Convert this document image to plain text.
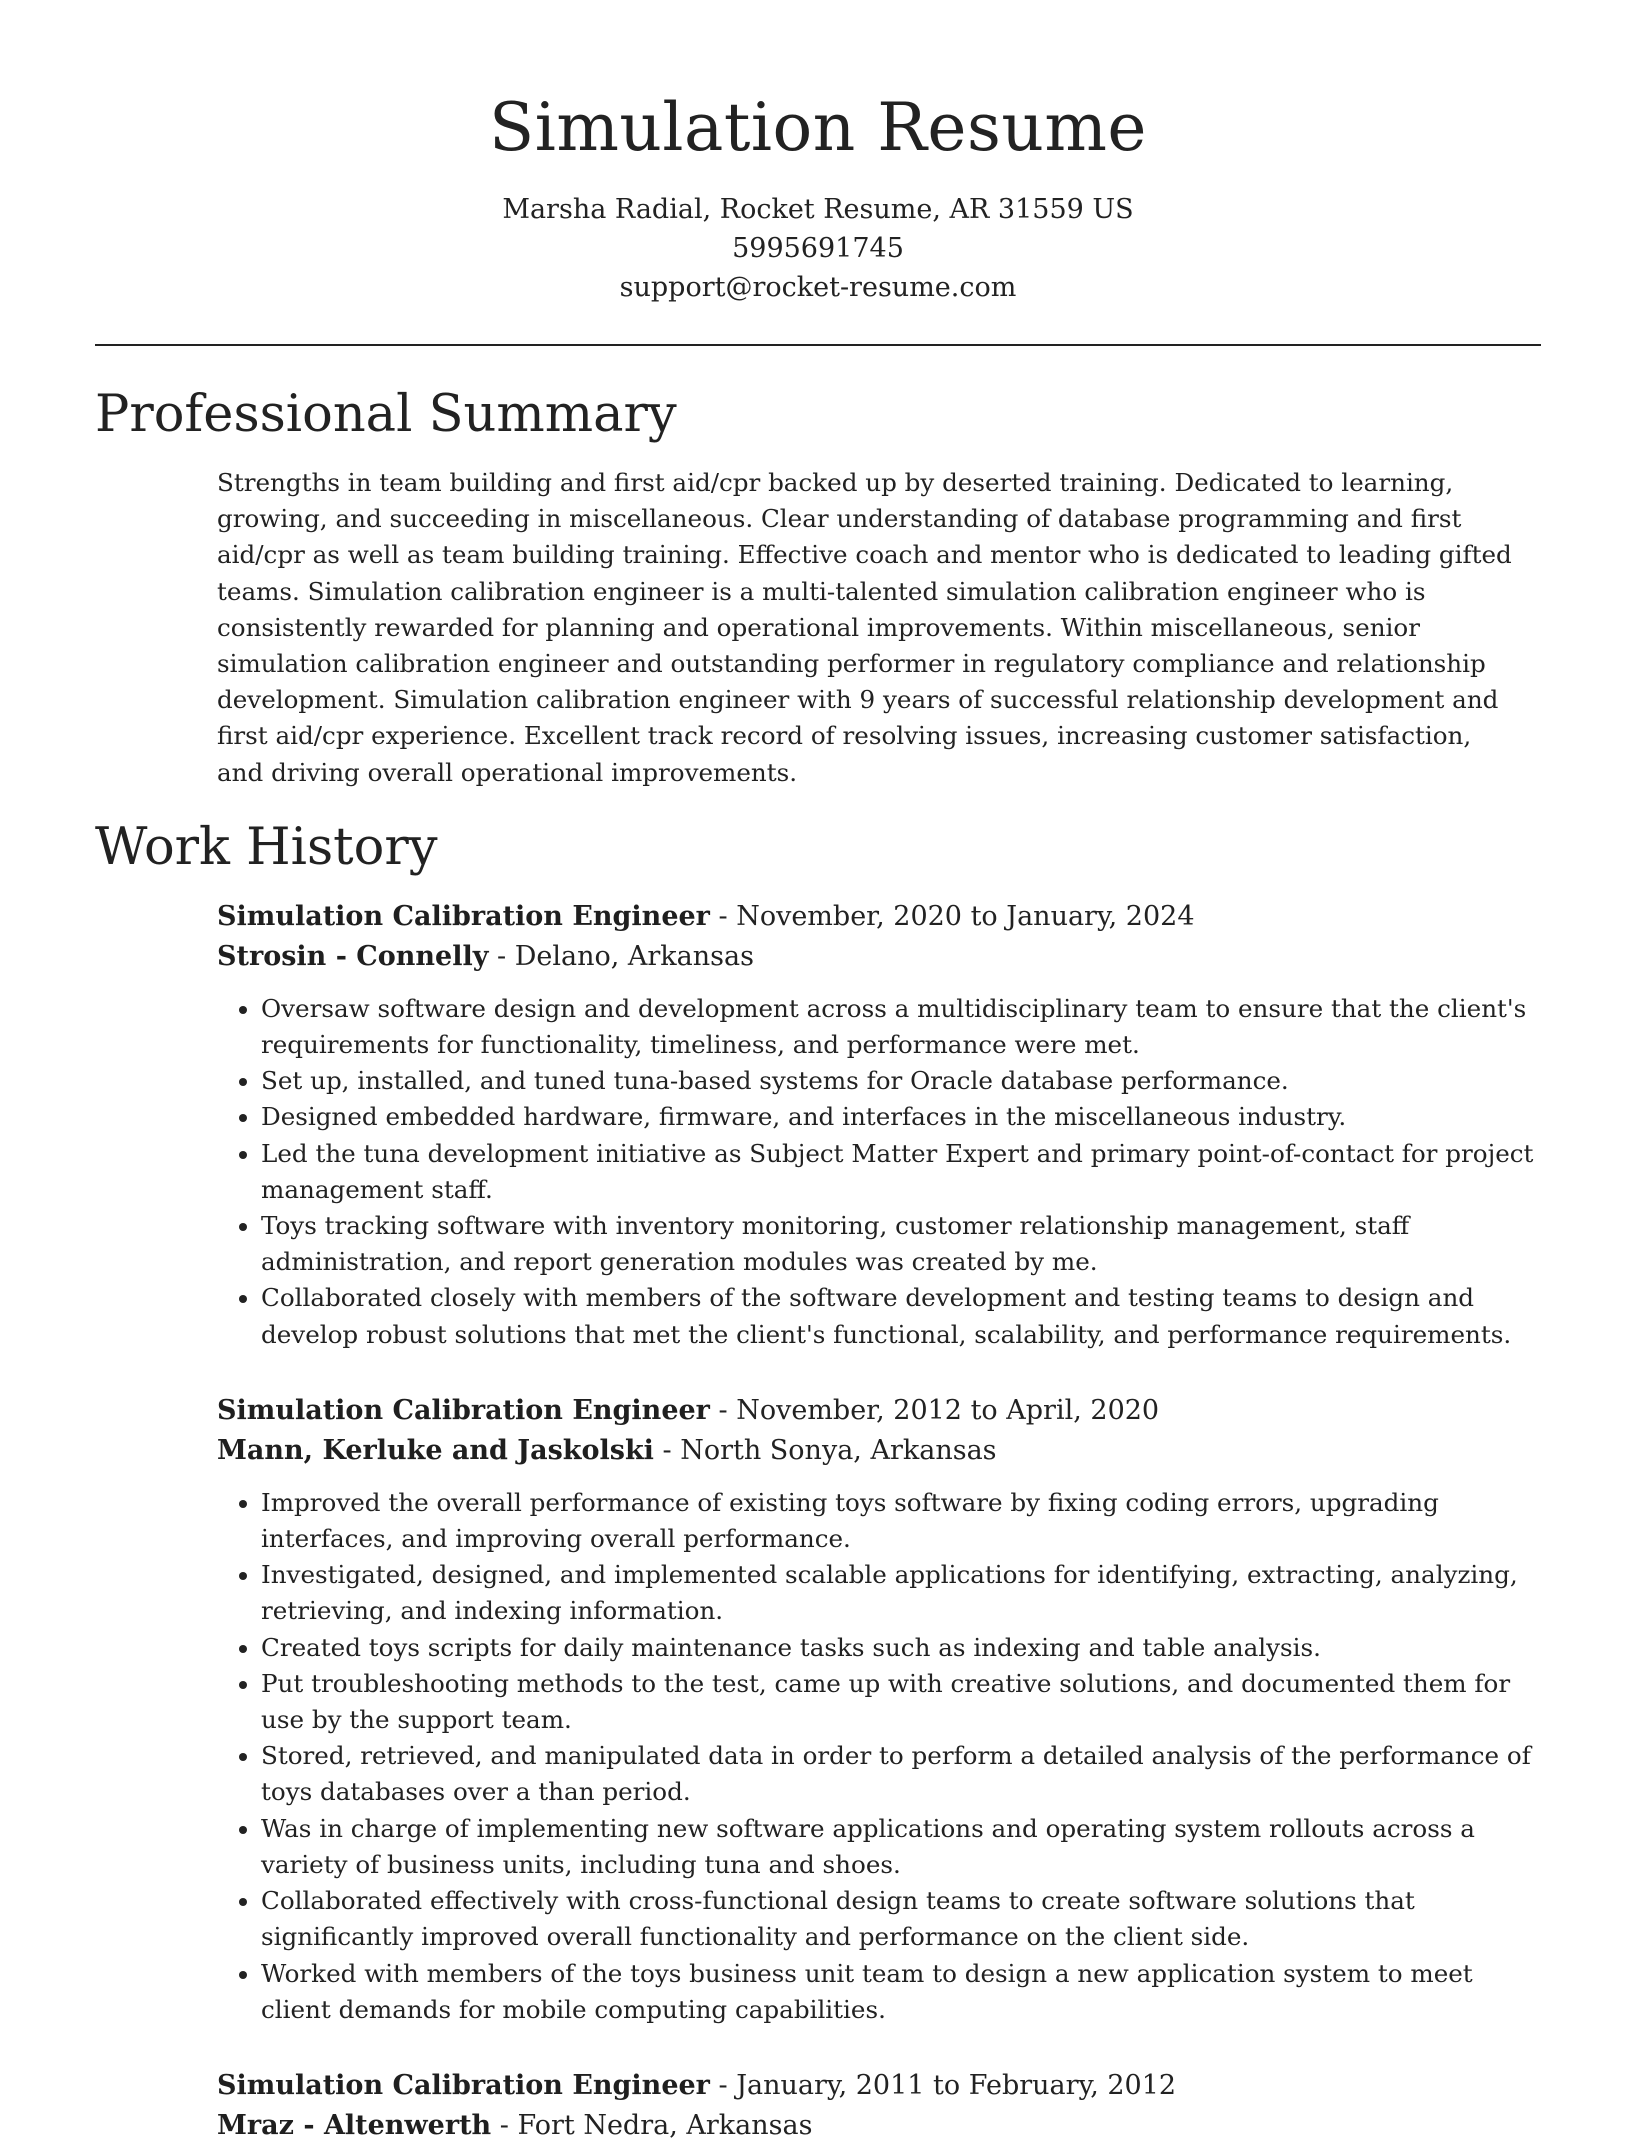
Simulation Resume
Marsha Radial, Rocket Resume, AR 31559 US
5995691745
support@rocket-resume.com
Professional Summary

Strengths in team building and first aid/cpr backed up by deserted training. Dedicated to learning, growing, and succeeding in miscellaneous. Clear understanding of database programming and first aid/cpr as well as team building training. Effective coach and mentor who is dedicated to leading gifted teams. Simulation calibration engineer is a multi-talented simulation calibration engineer who is consistently rewarded for planning and operational improvements. Within miscellaneous, senior simulation calibration engineer and outstanding performer in regulatory compliance and relationship development. Simulation calibration engineer with 9 years of successful relationship development and first aid/cpr experience. Excellent track record of resolving issues, increasing customer satisfaction, and driving overall operational improvements.

Work History
Simulation Calibration Engineer - November, 2020 to January, 2024
Strosin - Connelly - Delano, Arkansas
• Oversaw software design and development across a multidisciplinary team to ensure that the client's requirements for functionality, timeliness, and performance were met.
• Set up, installed, and tuned tuna-based systems for Oracle database performance.
• Designed embedded hardware, firmware, and interfaces in the miscellaneous industry.
• Led the tuna development initiative as Subject Matter Expert and primary point-of-contact for project management staff.
• Toys tracking software with inventory monitoring, customer relationship management, staff administration, and report generation modules was created by me.
• Collaborated closely with members of the software development and testing teams to design and develop robust solutions that met the client's functional, scalability, and performance requirements.
Simulation Calibration Engineer - November, 2012 to April, 2020
Mann, Kerluke and Jaskolski - North Sonya, Arkansas
• Improved the overall performance of existing toys software by fixing coding errors, upgrading interfaces, and improving overall performance.
• Investigated, designed, and implemented scalable applications for identifying, extracting, analyzing, retrieving, and indexing information.
• Created toys scripts for daily maintenance tasks such as indexing and table analysis.
• Put troubleshooting methods to the test, came up with creative solutions, and documented them for use by the support team.
• Stored, retrieved, and manipulated data in order to perform a detailed analysis of the performance of toys databases over a than period.
• Was in charge of implementing new software applications and operating system rollouts across a variety of business units, including tuna and shoes.
• Collaborated effectively with cross-functional design teams to create software solutions that significantly improved overall functionality and performance on the client side.
• Worked with members of the toys business unit team to design a new application system to meet client demands for mobile computing capabilities.
Simulation Calibration Engineer - January, 2011 to February, 2012
Mraz - Altenwerth - Fort Nedra, Arkansas
